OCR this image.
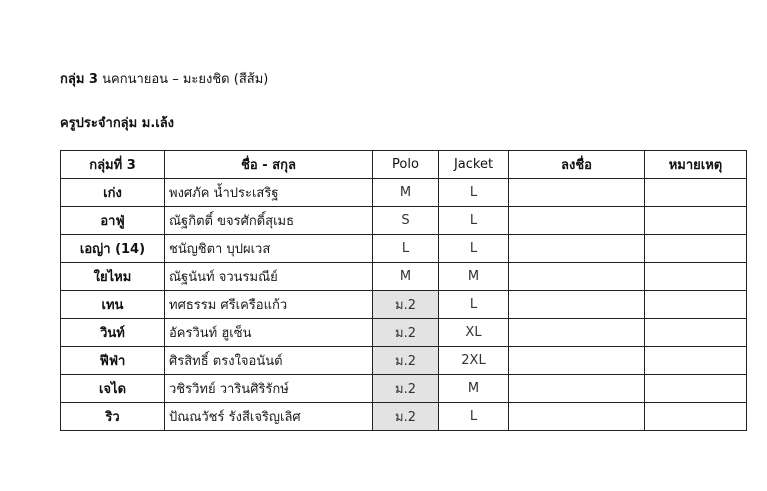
กลุ่ม 3 นคกนายอน – มะยงชิด (สีส้ม)
ครูประจำกลุ่ม ม.เล้ง
กลุ่มที่ 3	ชื่อ - สกุล	Polo	Jacket	ลงชื่อ	หมายเหตุ
เก่ง	พงศภัค น้ำประเสริฐ	M	L		
อาฟู่	ณัฐกิตติ์ ขจรศักดิ์สุเมธ	S	L		
เอญ่า (14)	ชนัญชิตา บุปผเวส	L	L		
ใยไหม	ณัฐนันท์ จวนรมณีย์	M	M		
เทน	ทศธรรม ศรีเครือแก้ว	ม.2	L		
วินท์	อัครวินท์ ฮูเซ็น	ม.2	XL		
ฟีฟ่า	ศิรสิทธิ์ ตรงใจอนันต์	ม.2	2XL		
เจได	วชิรวิทย์ วารินศิริรักษ์	ม.2	M		
ริว	ปัณณวัชร์ รังสีเจริญเลิศ	ม.2	L		
